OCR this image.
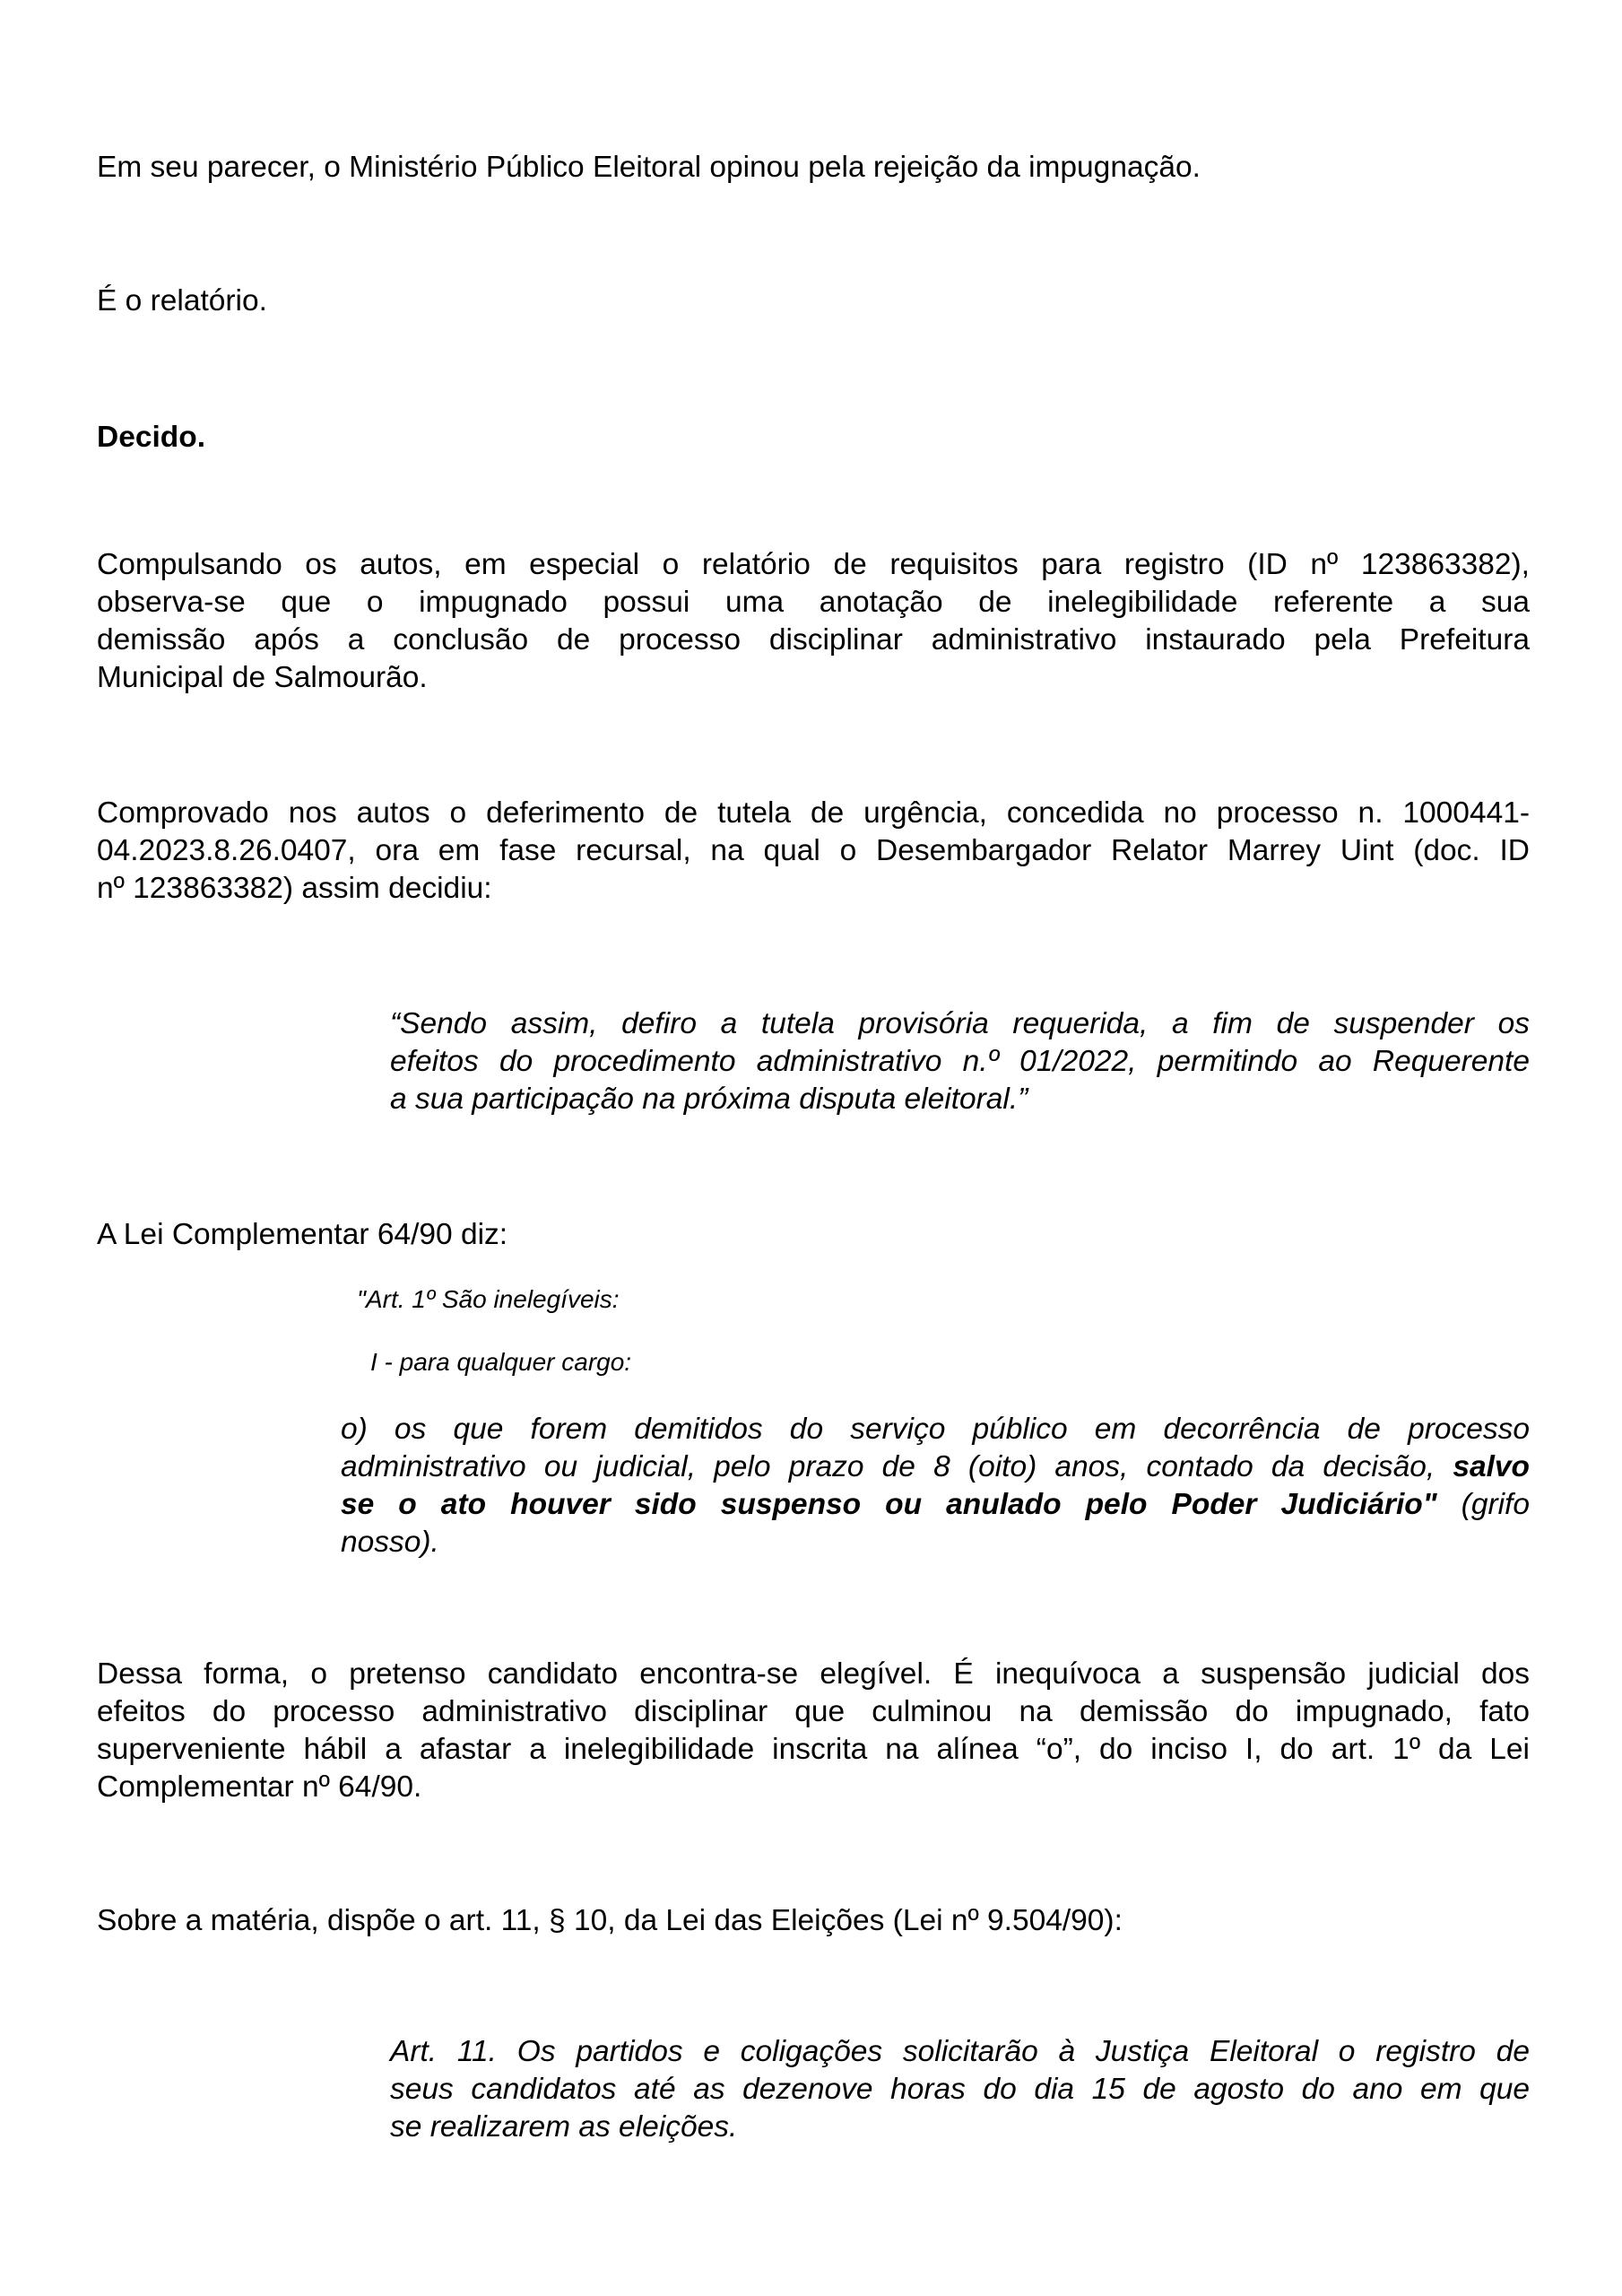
Em seu parecer, o Ministério Público Eleitoral opinou pela rejeição da impugnação.
É o relatório.
Decido.
Compulsando os autos, em especial o relatório de requisitos para registro (ID nº 123863382),
observa-se que o impugnado possui uma anotação de inelegibilidade referente a sua
demissão após a conclusão de processo disciplinar administrativo instaurado pela Prefeitura
Municipal de Salmourão.
Comprovado nos autos o deferimento de tutela de urgência, concedida no processo n. 1000441-
04.2023.8.26.0407, ora em fase recursal, na qual o Desembargador Relator Marrey Uint (doc. ID
nº 123863382) assim decidiu:
“Sendo assim, defiro a tutela provisória requerida, a fim de suspender os
efeitos do procedimento administrativo n.º 01/2022, permitindo ao Requerente
a sua participação na próxima disputa eleitoral.”
A Lei Complementar 64/90 diz:
"Art. 1º São inelegíveis:
I - para qualquer cargo:
o) os que forem demitidos do serviço público em decorrência de processo
administrativo ou judicial, pelo prazo de 8 (oito) anos, contado da decisão, salvo
se o ato houver sido suspenso ou anulado pelo Poder Judiciário" (grifo
nosso).
Dessa forma, o pretenso candidato encontra-se elegível. É inequívoca a suspensão judicial dos
efeitos do processo administrativo disciplinar que culminou na demissão do impugnado, fato
superveniente hábil a afastar a inelegibilidade inscrita na alínea “o”, do inciso I, do art. 1º da Lei
Complementar nº 64/90.
Sobre a matéria, dispõe o art. 11, § 10, da Lei das Eleições (Lei nº 9.504/90):
Art. 11. Os partidos e coligações solicitarão à Justiça Eleitoral o registro de
seus candidatos até as dezenove horas do dia 15 de agosto do ano em que
se realizarem as eleições.
